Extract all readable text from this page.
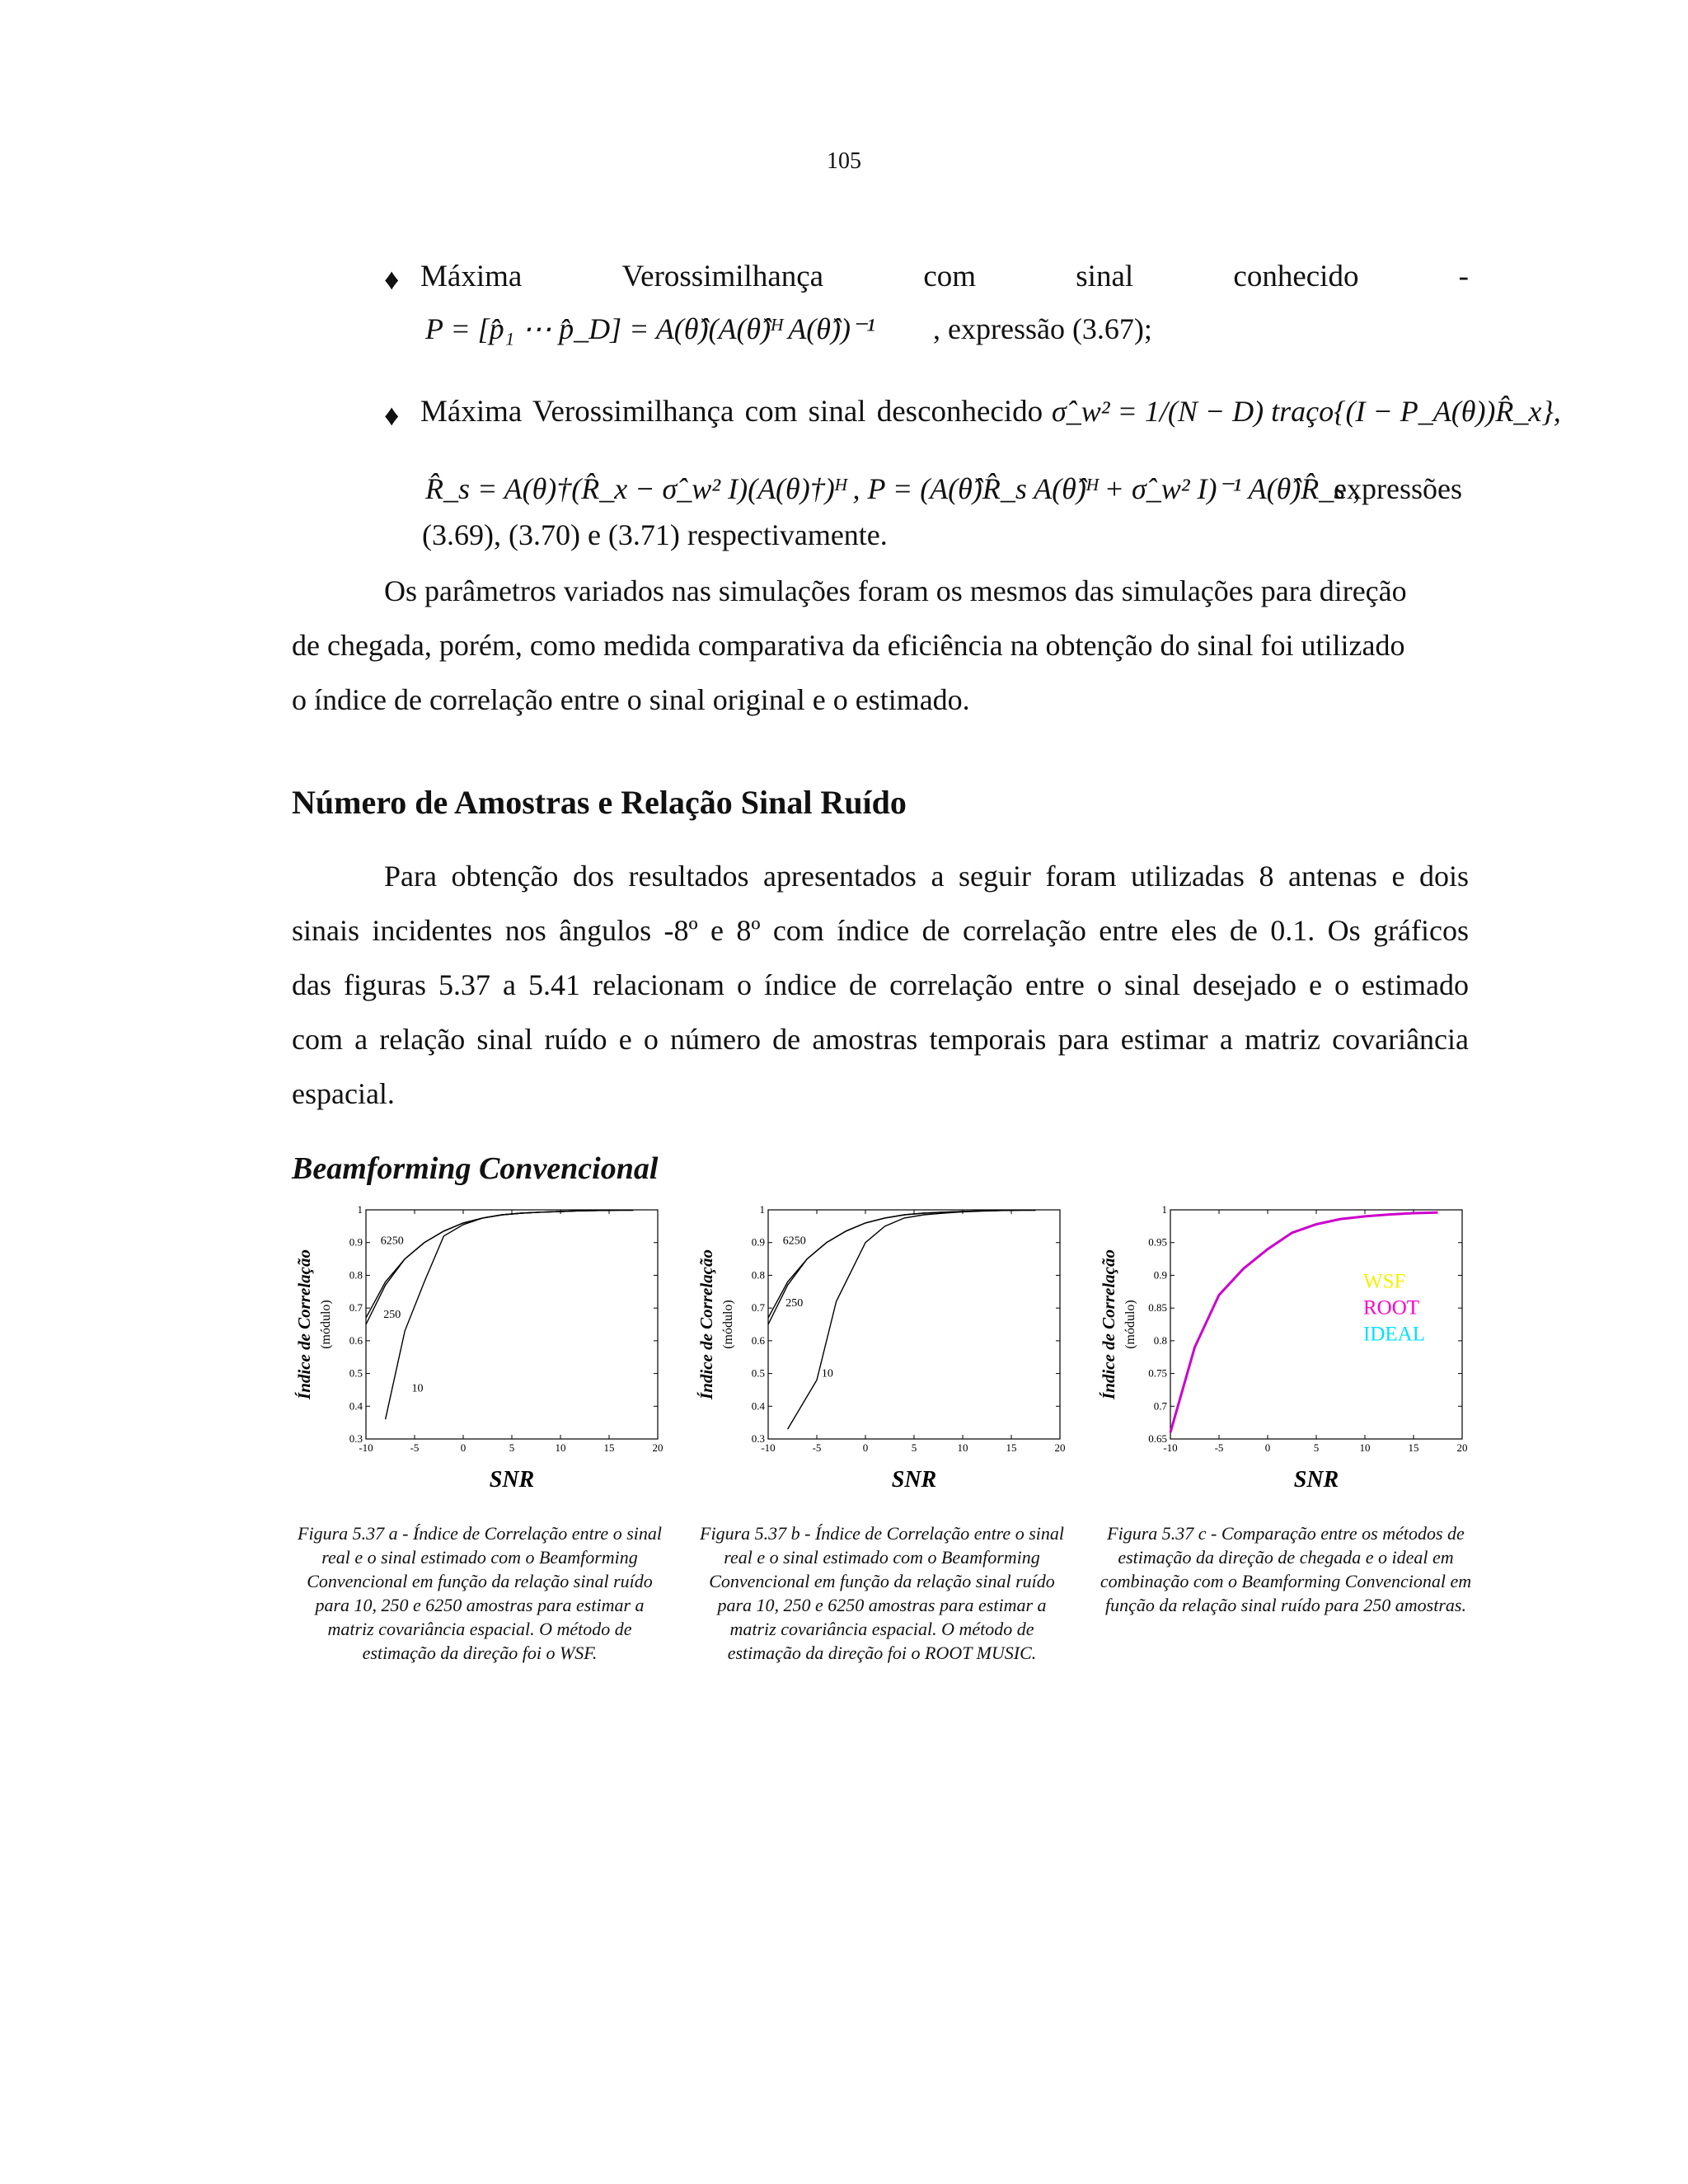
105
♦ Máxima	Verossimilhança	com	sinal	conhecido	-
P = [p̂₁ ⋯ p̂_D] = A(θ̂)(A(θ̂)ᴴ A(θ̂))⁻¹ , expressão (3.67);
♦ Máxima Verossimilhança com sinal desconhecido σ̂_w² = 1/(N − D) traço{(I − P_A(θ))R̂_x},
R̂_s = A(θ)†(R̂_x − σ̂_w² I)(A(θ)†)ᴴ , P = (A(θ̂)R̂_s A(θ̂)ᴴ + σ̂_w² I)⁻¹ A(θ̂)R̂_s ,
expressões
(3.69), (3.70) e (3.71) respectivamente.
Os parâmetros variados nas simulações foram os mesmos das simulações para direção
de chegada, porém, como medida comparativa da eficiência na obtenção do sinal foi utilizado
o índice de correlação entre o sinal original e o estimado.
Número de Amostras e Relação Sinal Ruído
Para obtenção dos resultados apresentados a seguir foram utilizadas 8 antenas e dois
sinais incidentes nos ângulos -8º e 8º com índice de correlação entre eles de 0.1. Os gráficos
das figuras 5.37 a 5.41 relacionam o índice de correlação entre o sinal desejado e o estimado
com a relação sinal ruído e o número de amostras temporais para estimar a matriz covariância
espacial.
Beamforming Convencional
-10	-5	0	5	10	15	20
0.3
0.4
0.5
0.6
0.7
0.8
0.9
1
6250
250
10
SNR
Índice de Correlação (módulo)
-10	-5	0	5	10	15	20
0.3
0.4
0.5
0.6
0.7
0.8
0.9
1
6250
250
10
SNR
Índice de Correlação (módulo)
-10	-5	0	5	10	15	20
0.65
0.7
0.75
0.8
0.85
0.9
0.95
1
WSF
ROOT
IDEAL
SNR
Índice de Correlação (módulo)
Figura 5.37 a - Índice de Correlação entre o sinal real e o sinal estimado com o Beamforming Convencional em função da relação sinal ruído para 10, 250 e 6250 amostras para estimar a matriz covariância espacial. O método de estimação da direção foi o WSF.
Figura 5.37 b - Índice de Correlação entre o sinal real e o sinal estimado com o Beamforming Convencional em função da relação sinal ruído para 10, 250 e 6250 amostras para estimar a matriz covariância espacial. O método de estimação da direção foi o ROOT MUSIC.
Figura 5.37 c - Comparação entre os métodos de estimação da direção de chegada e o ideal em combinação com o Beamforming Convencional em função da relação sinal ruído para 250 amostras.
